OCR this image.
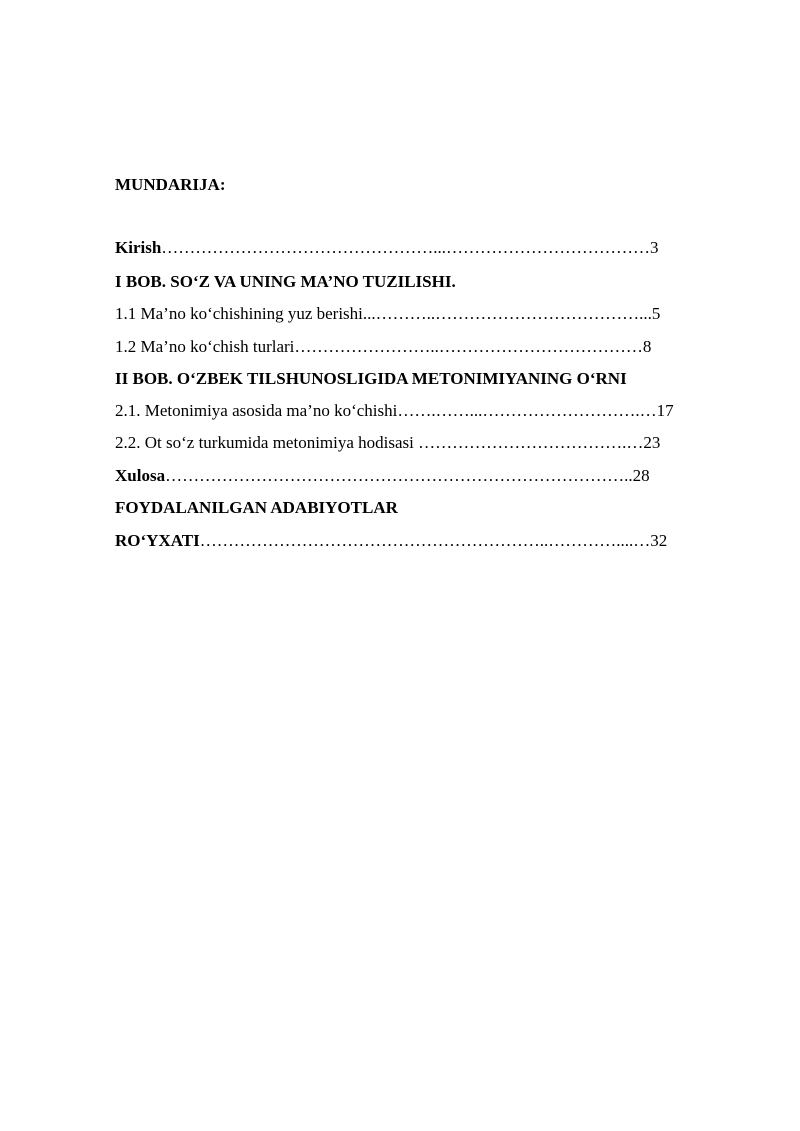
MUNDARIJA:
Kirish…………………………………………...………………………………3
I BOB. SO‘Z VA UNING MA’NO TUZILISHI.
1.1 Ma’no ko‘chishining yuz berishi...………..………………………………...5
1.2 Ma’no ko‘chish turlari……………………..………………………………8
II BOB. O‘ZBEK TILSHUNOSLIGIDA METONIMIYANING O‘RNI
2.1. Metonimiya asosida ma’no ko‘chishi…….……...……………………….…17
2.2. Ot so‘z turkumida metonimiya hodisasi ……………………………….…23
Xulosa………………………………………………………………………..28
FOYDALANILGAN ADABIYOTLAR
RO‘YXATI……………………………………………………..…………....…32
